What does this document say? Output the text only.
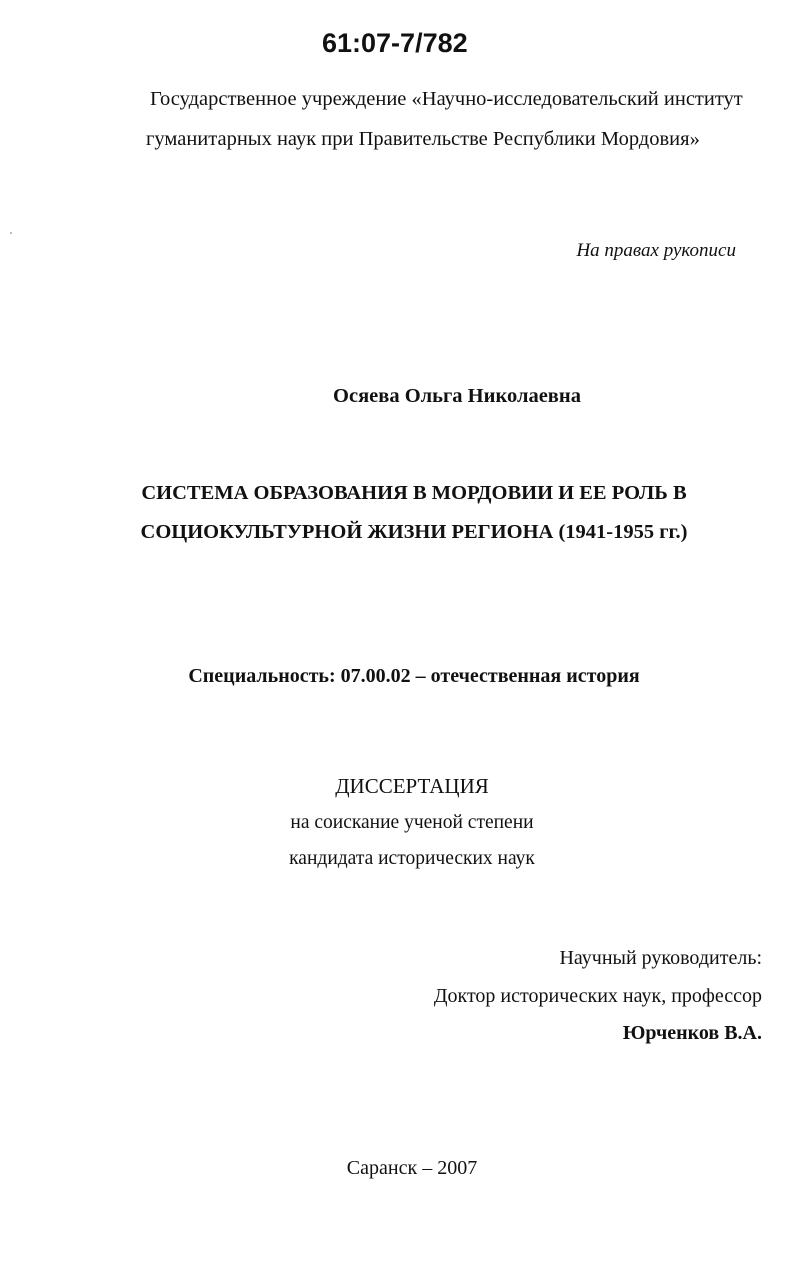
61:07-7/782
Государственное учреждение «Научно-исследовательский институт
гуманитарных наук при Правительстве Республики Мордовия»
На правах рукописи
Осяева Ольга Николаевна
СИСТЕМА ОБРАЗОВАНИЯ В МОРДОВИИ И ЕЕ РОЛЬ В
СОЦИОКУЛЬТУРНОЙ ЖИЗНИ РЕГИОНА (1941-1955 гг.)
Специальность: 07.00.02 – отечественная история
ДИССЕРТАЦИЯ
на соискание ученой степени
кандидата исторических наук
Научный руководитель:
Доктор исторических наук, профессор
Юрченков В.А.
Саранск – 2007
